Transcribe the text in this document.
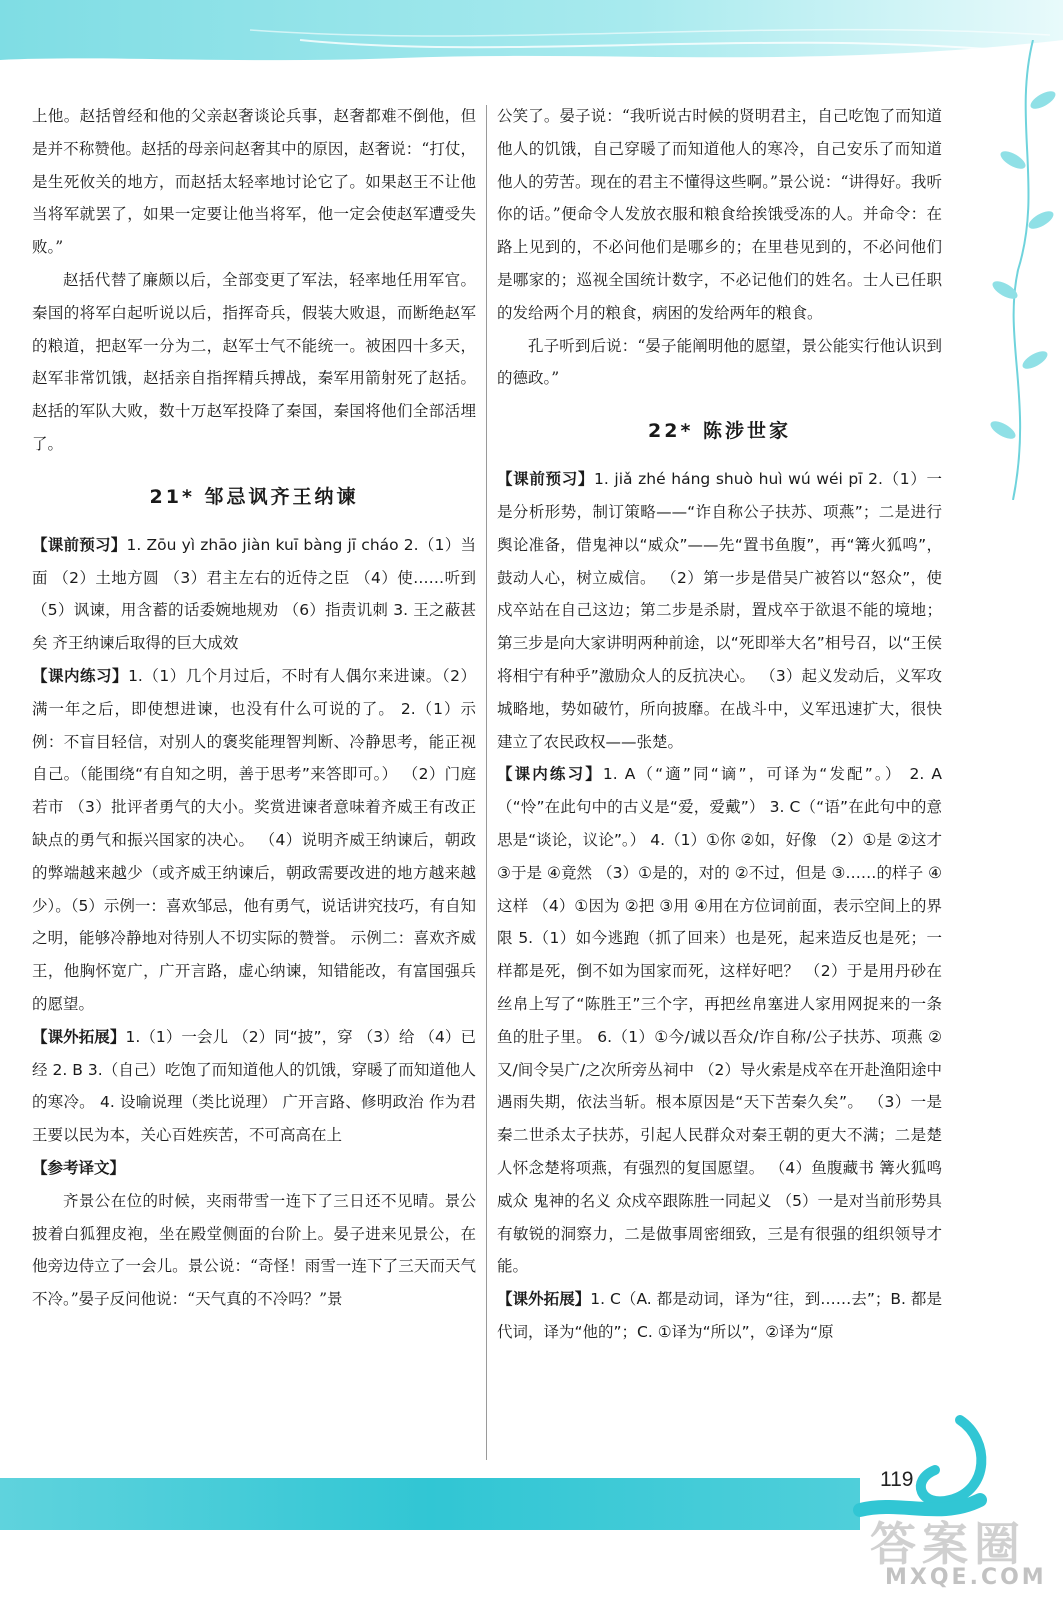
上他。赵括曾经和他的父亲赵奢谈论兵事，赵奢都难不倒他，但是并不称赞他。赵括的母亲问赵奢其中的原因，赵奢说：“打仗，是生死攸关的地方，而赵括太轻率地讨论它了。如果赵王不让他当将军就罢了，如果一定要让他当将军，他一定会使赵军遭受失败。”

赵括代替了廉颇以后，全部变更了军法，轻率地任用军官。秦国的将军白起听说以后，指挥奇兵，假装大败退，而断绝赵军的粮道，把赵军一分为二，赵军士气不能统一。被困四十多天，赵军非常饥饿，赵括亲自指挥精兵搏战，秦军用箭射死了赵括。赵括的军队大败，数十万赵军投降了秦国，秦国将他们全部活埋了。

21* 邹忌讽齐王纳谏

【课前预习】1. Zōu yì zhāo jiàn kuī bàng jī cháo 2.（1）当面 （2）土地方圆 （3）君主左右的近侍之臣 （4）使……听到 （5）讽谏，用含蓄的话委婉地规劝 （6）指责讥刺 3. 王之蔽甚矣 齐王纳谏后取得的巨大成效

【课内练习】1.（1）几个月过后，不时有人偶尔来进谏。（2）满一年之后，即使想进谏，也没有什么可说的了。 2.（1）示例：不盲目轻信，对别人的褒奖能理智判断、冷静思考，能正视自己。（能围绕“有自知之明，善于思考”来答即可。） （2）门庭若市 （3）批评者勇气的大小。奖赏进谏者意味着齐威王有改正缺点的勇气和振兴国家的决心。 （4）说明齐威王纳谏后，朝政的弊端越来越少（或齐威王纳谏后，朝政需要改进的地方越来越少）。（5）示例一：喜欢邹忌，他有勇气，说话讲究技巧，有自知之明，能够冷静地对待别人不切实际的赞誉。 示例二：喜欢齐威王，他胸怀宽广，广开言路，虚心纳谏，知错能改，有富国强兵的愿望。

【课外拓展】1.（1）一会儿 （2）同“披”，穿 （3）给 （4）已经 2. B 3.（自己）吃饱了而知道他人的饥饿，穿暖了而知道他人的寒冷。 4. 设喻说理（类比说理） 广开言路、修明政治 作为君王要以民为本，关心百姓疾苦，不可高高在上

【参考译文】

齐景公在位的时候，夹雨带雪一连下了三日还不见晴。景公披着白狐狸皮袍，坐在殿堂侧面的台阶上。晏子进来见景公，在他旁边侍立了一会儿。景公说：“奇怪！雨雪一连下了三天而天气不冷。”晏子反问他说：“天气真的不冷吗？”景

公笑了。晏子说：“我听说古时候的贤明君主，自己吃饱了而知道他人的饥饿，自己穿暖了而知道他人的寒冷，自己安乐了而知道他人的劳苦。现在的君主不懂得这些啊。”景公说：“讲得好。我听你的话。”便命令人发放衣服和粮食给挨饿受冻的人。并命令：在路上见到的，不必问他们是哪乡的；在里巷见到的，不必问他们是哪家的；巡视全国统计数字，不必记他们的姓名。士人已任职的发给两个月的粮食，病困的发给两年的粮食。

孔子听到后说：“晏子能阐明他的愿望，景公能实行他认识到的德政。”

22* 陈涉世家

【课前预习】1. jiǎ zhé háng shuò huì wú wéi pī 2.（1）一是分析形势，制订策略——“诈自称公子扶苏、项燕”；二是进行舆论准备，借鬼神以“威众”——先“置书鱼腹”，再“篝火狐鸣”，鼓动人心，树立威信。 （2）第一步是借吴广被笞以“怒众”，使戍卒站在自己这边；第二步是杀尉，置戍卒于欲退不能的境地；第三步是向大家讲明两种前途，以“死即举大名”相号召，以“王侯将相宁有种乎”激励众人的反抗决心。 （3）起义发动后，义军攻城略地，势如破竹，所向披靡。在战斗中，义军迅速扩大，很快建立了农民政权——张楚。

【课内练习】1. A（“適”同“谪”，可译为“发配”。） 2. A（“怜”在此句中的古义是“爱，爱戴”） 3. C（“语”在此句中的意思是“谈论，议论”。） 4.（1）①你 ②如，好像 （2）①是 ②这才 ③于是 ④竟然 （3）①是的，对的 ②不过，但是 ③……的样子 ④这样 （4）①因为 ②把 ③用 ④用在方位词前面，表示空间上的界限 5.（1）如今逃跑（抓了回来）也是死，起来造反也是死；一样都是死，倒不如为国家而死，这样好吧？ （2）于是用丹砂在丝帛上写了“陈胜王”三个字，再把丝帛塞进人家用网捉来的一条鱼的肚子里。 6.（1）①今/诚以吾众/诈自称/公子扶苏、项燕 ②又/间令吴广/之次所旁丛祠中 （2）导火索是戍卒在开赴渔阳途中遇雨失期，依法当斩。根本原因是“天下苦秦久矣”。 （3）一是秦二世杀太子扶苏，引起人民群众对秦王朝的更大不满；二是楚人怀念楚将项燕，有强烈的复国愿望。 （4）鱼腹藏书 篝火狐鸣 威众 鬼神的名义 众戍卒跟陈胜一同起义 （5）一是对当前形势具有敏锐的洞察力，二是做事周密细致，三是有很强的组织领导才能。

【课外拓展】1. C（A. 都是动词，译为“往，到……去”；B. 都是代词，译为“他的”；C. ①译为“所以”，②译为“原

119
答案圈
MXQE.COM
